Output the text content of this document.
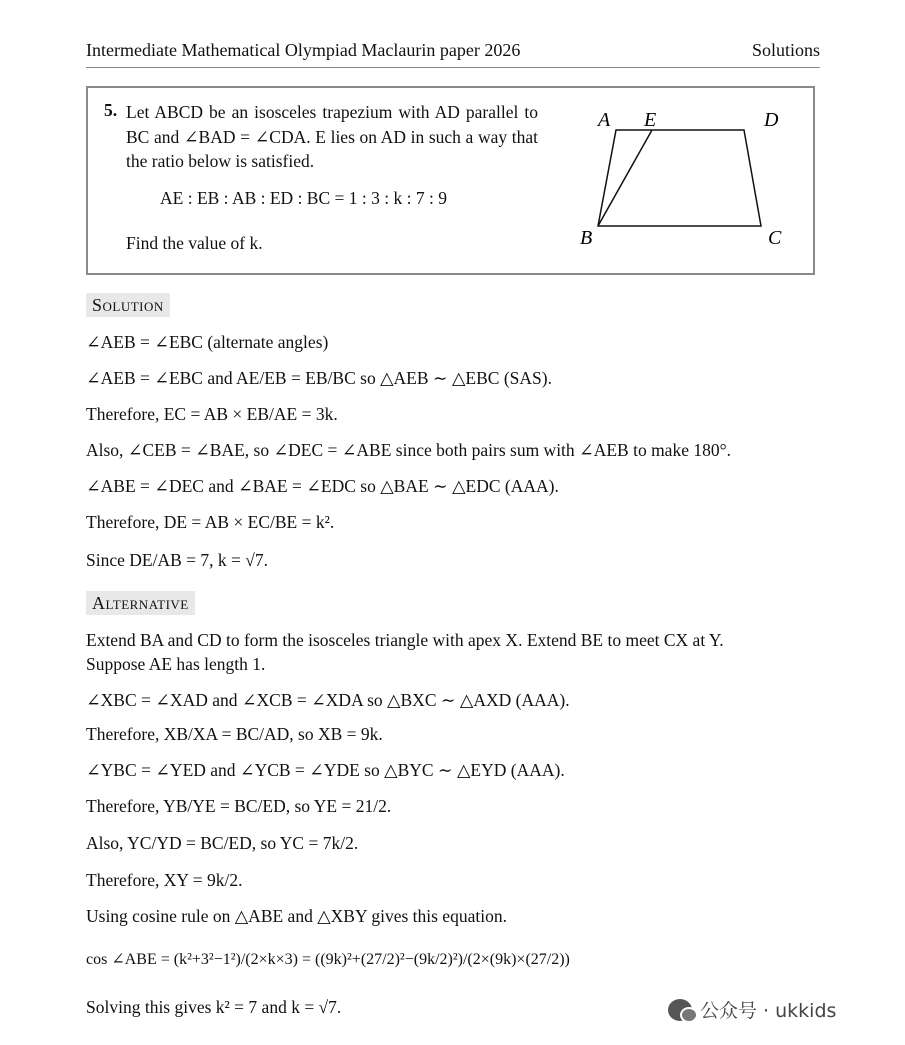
Intermediate Mathematical Olympiad Maclaurin paper 2026	Solutions
5. Let ABCD be an isosceles trapezium with AD parallel to BC and ∠BAD = ∠CDA. E lies on AD in such a way that the ratio below is satisfied.
AE : EB : AB : ED : BC = 1 : 3 : k : 7 : 9
Find the value of k.
A E	D
B	C
Solution
∠AEB = ∠EBC (alternate angles)
∠AEB = ∠EBC and AE/EB = EB/BC so △AEB ∼ △EBC (SAS).
Therefore, EC = AB × EB/AE = 3k.
Also, ∠CEB = ∠BAE, so ∠DEC = ∠ABE since both pairs sum with ∠AEB to make 180°.
∠ABE = ∠DEC and ∠BAE = ∠EDC so △BAE ∼ △EDC (AAA).
Therefore, DE = AB × EC/BE = k².
Since DE/AB = 7, k = √7.
Alternative
Extend BA and CD to form the isosceles triangle with apex X. Extend BE to meet CX at Y.
Suppose AE has length 1.
∠XBC = ∠XAD and ∠XCB = ∠XDA so △BXC ∼ △AXD (AAA).
Therefore, XB/XA = BC/AD, so XB = 9k.
∠YBC = ∠YED and ∠YCB = ∠YDE so △BYC ∼ △EYD (AAA).
Therefore, YB/YE = BC/ED, so YE = 21/2.
Also, YC/YD = BC/ED, so YC = 7k/2.
Therefore, XY = 9k/2.
Using cosine rule on △ABE and △XBY gives this equation.
cos ∠ABE = (k²+3²−1²)/(2×k×3) = ((9k)²+(27/2)²−(9k/2)²)/(2×(9k)×(27/2))
Solving this gives k² = 7 and k = √7.	公众号 · ukkids
